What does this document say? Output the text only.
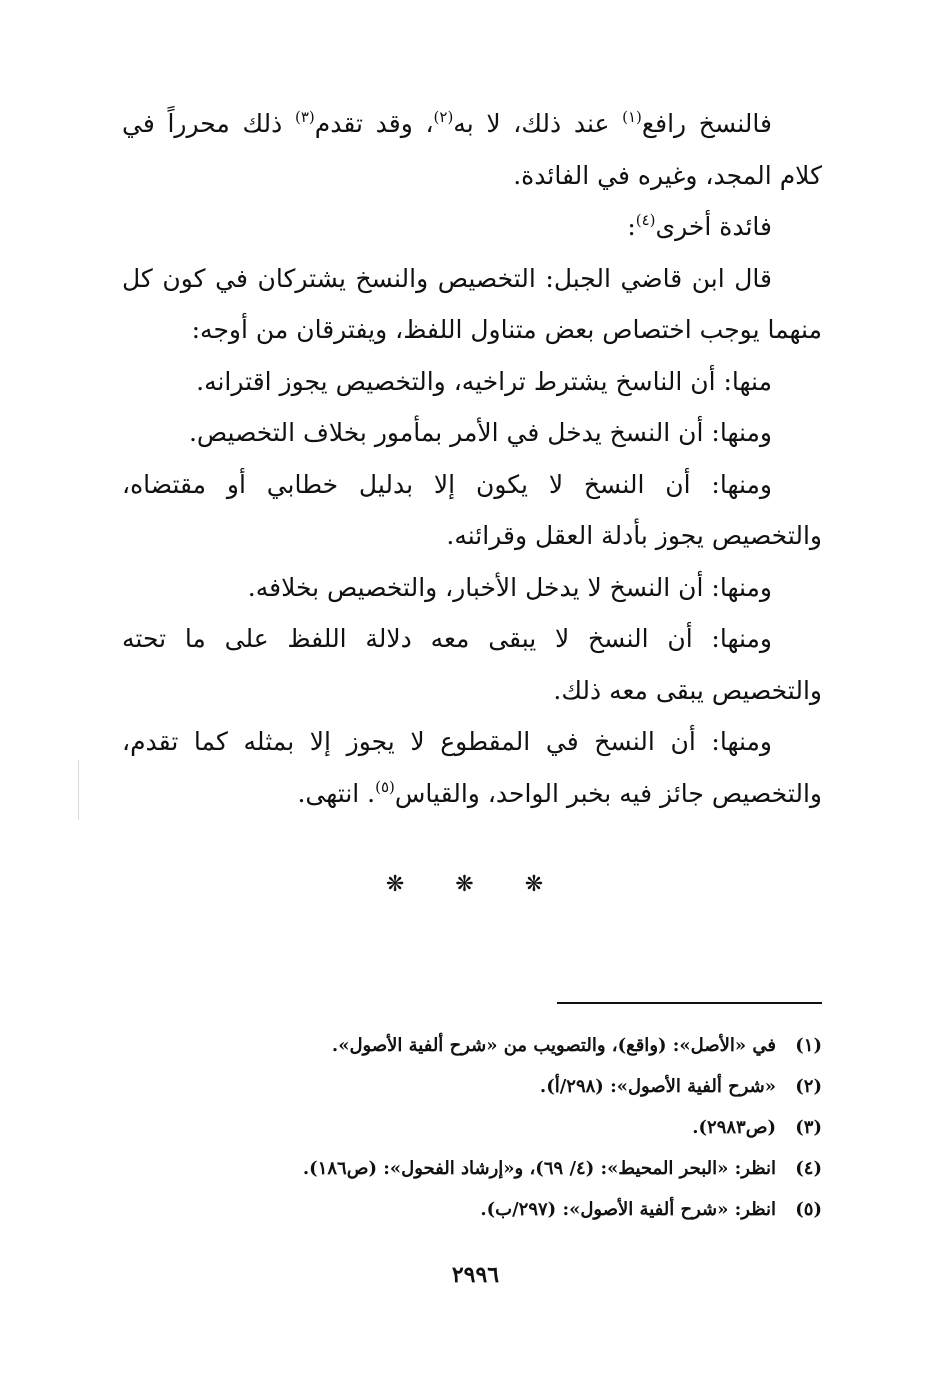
فالنسخ رافع$^{(١)}$ عند ذلك، لا به$^{(٢)}$، وقد تقدم$^{(٣)}$ ذلك محرراً في كلام المجد، وغيره في الفائدة.

فائدة أخرى$^{(٤)}$:

قال ابن قاضي الجبل: التخصيص والنسخ يشتركان في كون كل منهما يوجب اختصاص بعض متناول اللفظ، ويفترقان من أوجه:

منها: أن الناسخ يشترط تراخيه، والتخصيص يجوز اقترانه.

ومنها: أن النسخ يدخل في الأمر بمأمور بخلاف التخصيص.

ومنها: أن النسخ لا يكون إلا بدليل خطابي أو مقتضاه، والتخصيص يجوز بأدلة العقل وقرائنه.

ومنها: أن النسخ لا يدخل الأخبار، والتخصيص بخلافه.

ومنها: أن النسخ لا يبقى معه دلالة اللفظ على ما تحته والتخصيص يبقى معه ذلك.

ومنها: أن النسخ في المقطوع لا يجوز إلا بمثله كما تقدم، والتخصيص جائز فيه بخبر الواحد، والقياس$^{(٥)}$. انتهى.

❋ ❋ ❋
(١)
في «الأصل»: (واقع)، والتصويب من «شرح ألفية الأصول».
(٢)
«شرح ألفية الأصول»: (٢٩٨/أ).
(٣)
(ص٢٩٨٣).
(٤)
انظر: «البحر المحيط»: (٤/ ٦٩)، و«إرشاد الفحول»: (ص١٨٦).
(٥)
انظر: «شرح ألفية الأصول»: (٢٩٧/ب).
٢٩٩٦
